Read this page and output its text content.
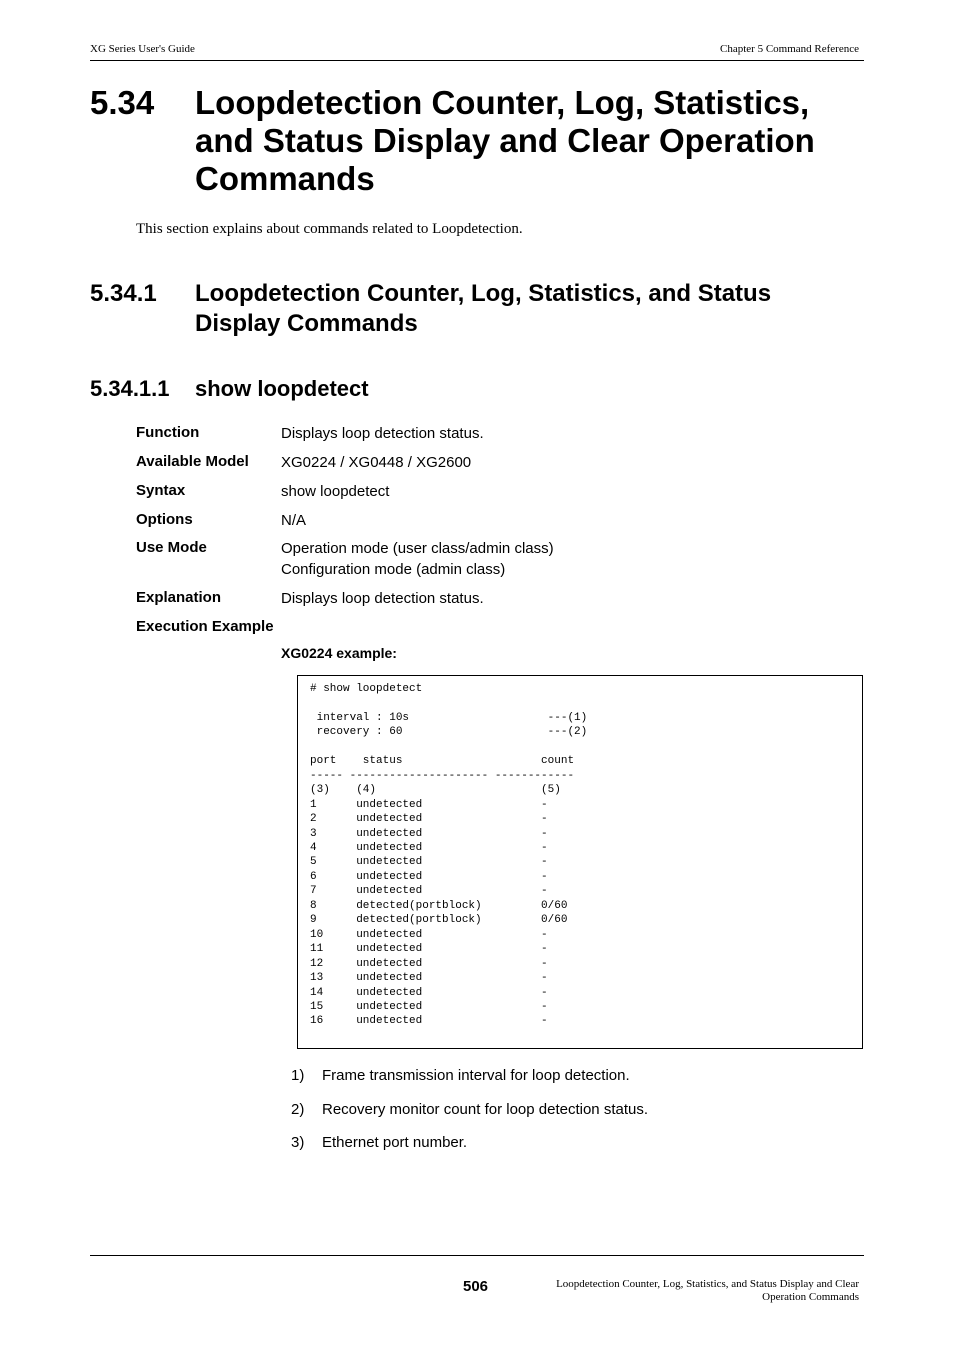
XG Series User's Guide	Chapter 5 Command Reference
5.34 Loopdetection Counter, Log, Statistics, and Status Display and Clear Operation Commands
This section explains about commands related to Loopdetection.
5.34.1 Loopdetection Counter, Log, Statistics, and Status Display Commands
5.34.1.1 show loopdetect
Function	Displays loop detection status.
Available Model XG0224 / XG0448 / XG2600
Syntax	show loopdetect
Options	N/A
Use Mode	Operation mode (user class/admin class)
Configuration mode (admin class)
Explanation	Displays loop detection status.
Execution Example
XG0224 example:
# show loopdetect

interval : 10s                     ---(1)
recovery : 60                      ---(2)

port    status                     count
----- --------------------- ------------
(3)    (4)                         (5)
1      undetected                  -
2      undetected                  -
3      undetected                  -
4      undetected                  -
5      undetected                  -
6      undetected                  -
7      undetected                  -
8      detected(portblock)         0/60
9      detected(portblock)         0/60
10     undetected                  -
11     undetected                  -
12     undetected                  -
13     undetected                  -
14     undetected                  -
15     undetected                  -
16     undetected                  -
1) Frame transmission interval for loop detection.
2) Recovery monitor count for loop detection status.
3) Ethernet port number.
506	Loopdetection Counter, Log, Statistics, and Status Display and Clear
Operation Commands
